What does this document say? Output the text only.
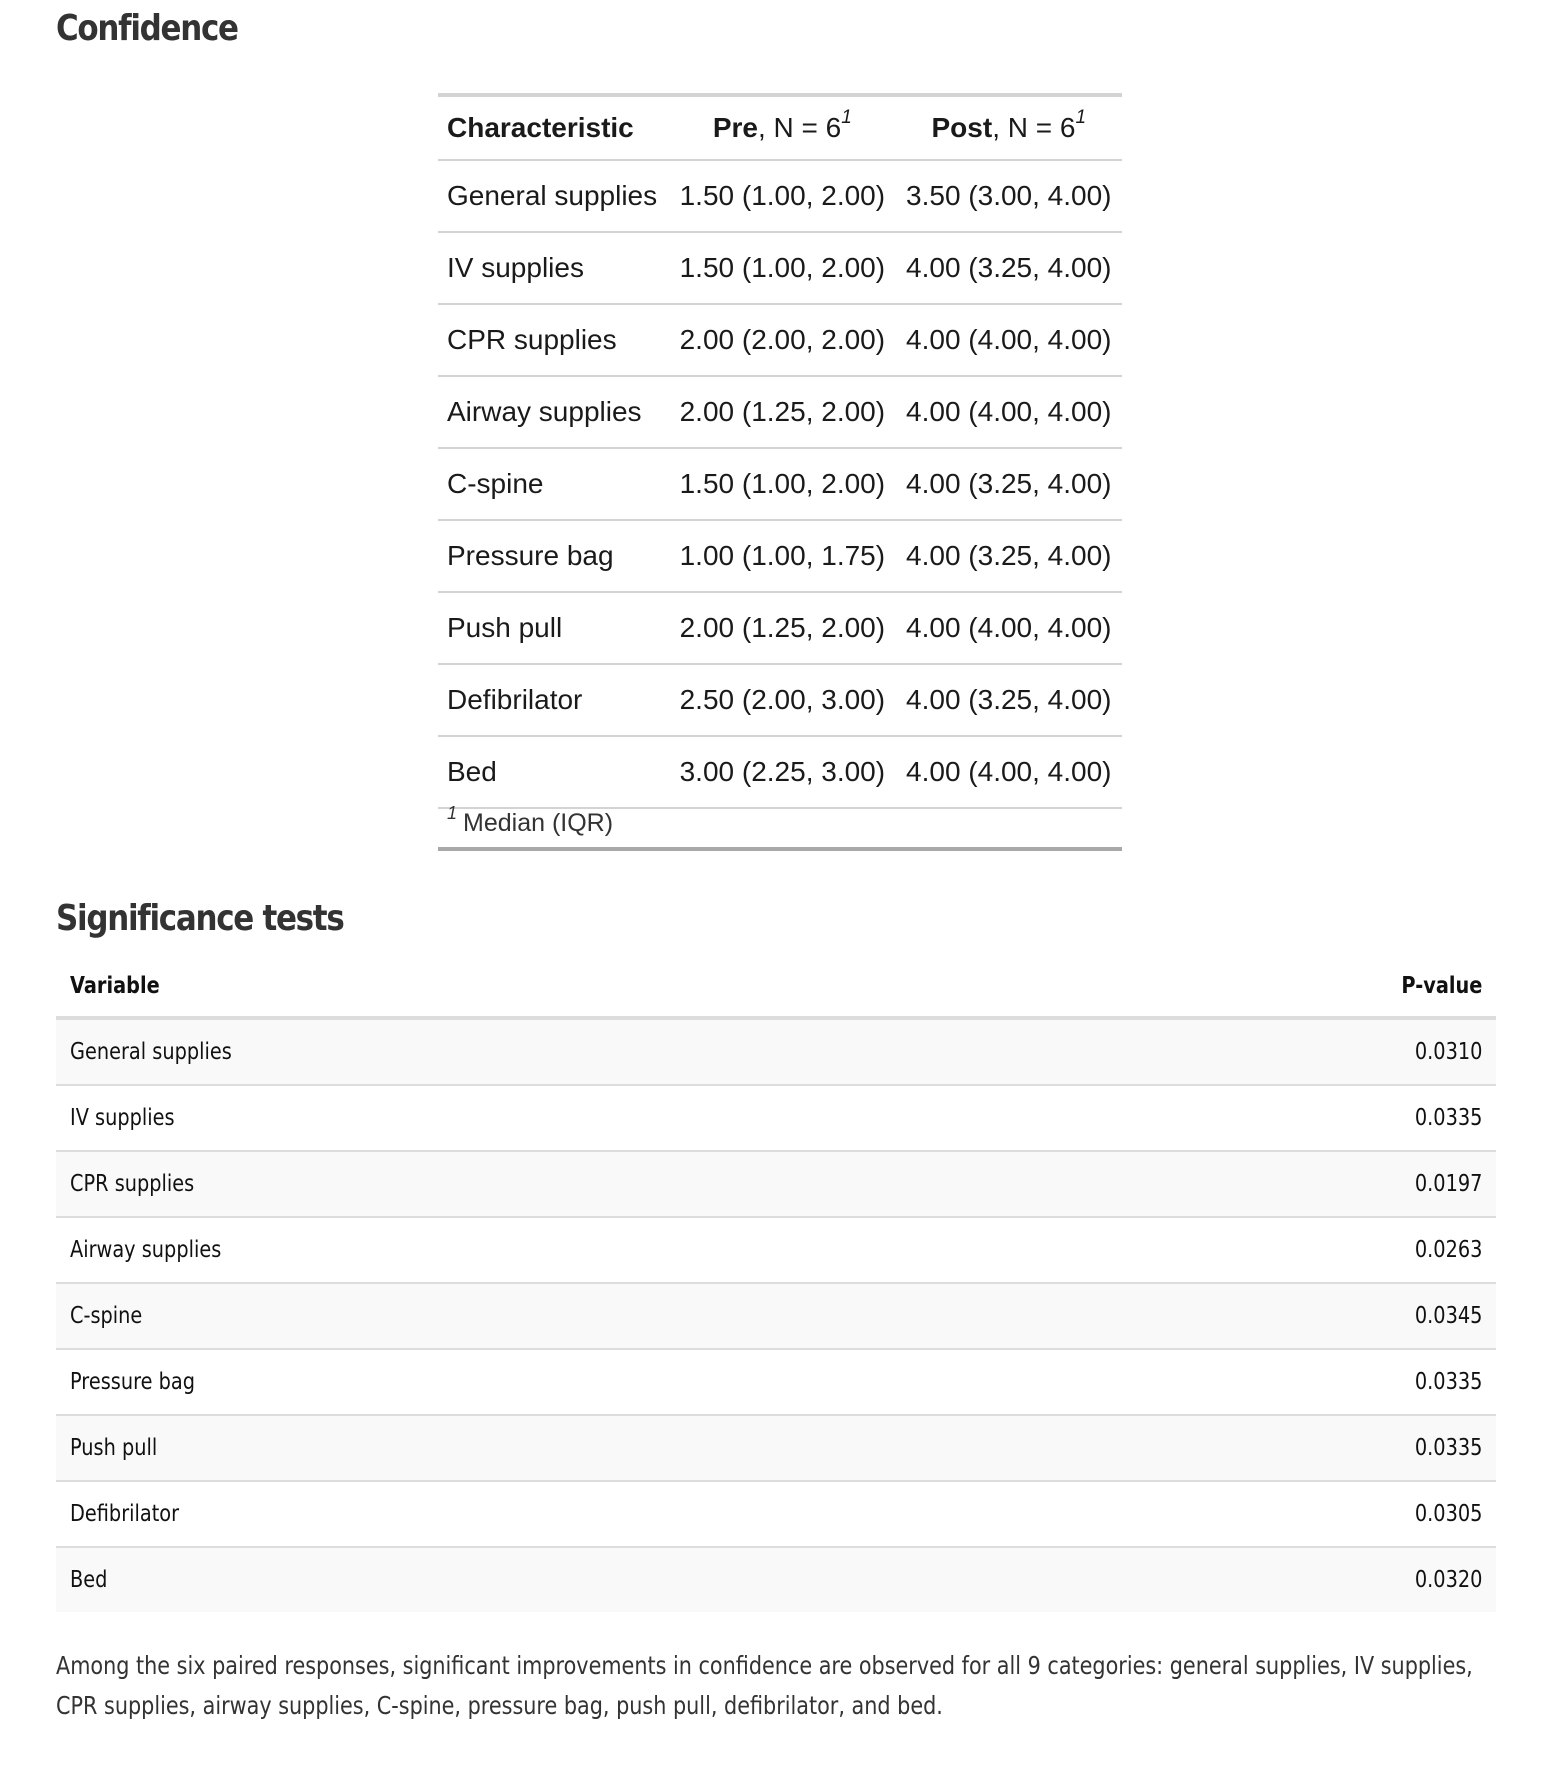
Confidence
Characteristic	Pre, $N = 6^1$	Post, $N = 6^1$
General supplies	1.50 (1.00, 2.00)	3.50 (3.00, 4.00)
IV supplies	1.50 (1.00, 2.00)	4.00 (3.25, 4.00)
CPR supplies	2.00 (2.00, 2.00)	4.00 (4.00, 4.00)
Airway supplies	2.00 (1.25, 2.00)	4.00 (4.00, 4.00)
C-spine	1.50 (1.00, 2.00)	4.00 (3.25, 4.00)
Pressure bag	1.00 (1.00, 1.75)	4.00 (3.25, 4.00)
Push pull	2.00 (1.25, 2.00)	4.00 (4.00, 4.00)
Defibrilator	2.50 (2.00, 3.00)	4.00 (3.25, 4.00)
Bed	3.00 (2.25, 3.00)	4.00 (4.00, 4.00)
$^1$ Median (IQR)		
Significance tests
Variable	P-value
General supplies	0.0310
IV supplies	0.0335
CPR supplies	0.0197
Airway supplies	0.0263
C-spine	0.0345
Pressure bag	0.0335
Push pull	0.0335
Defibrilator	0.0305
Bed	0.0320

Among the six paired responses, significant improvements in confidence are observed for all 9 categories: general supplies, IV supplies,
CPR supplies, airway supplies, C-spine, pressure bag, push pull, defibrilator, and bed.
